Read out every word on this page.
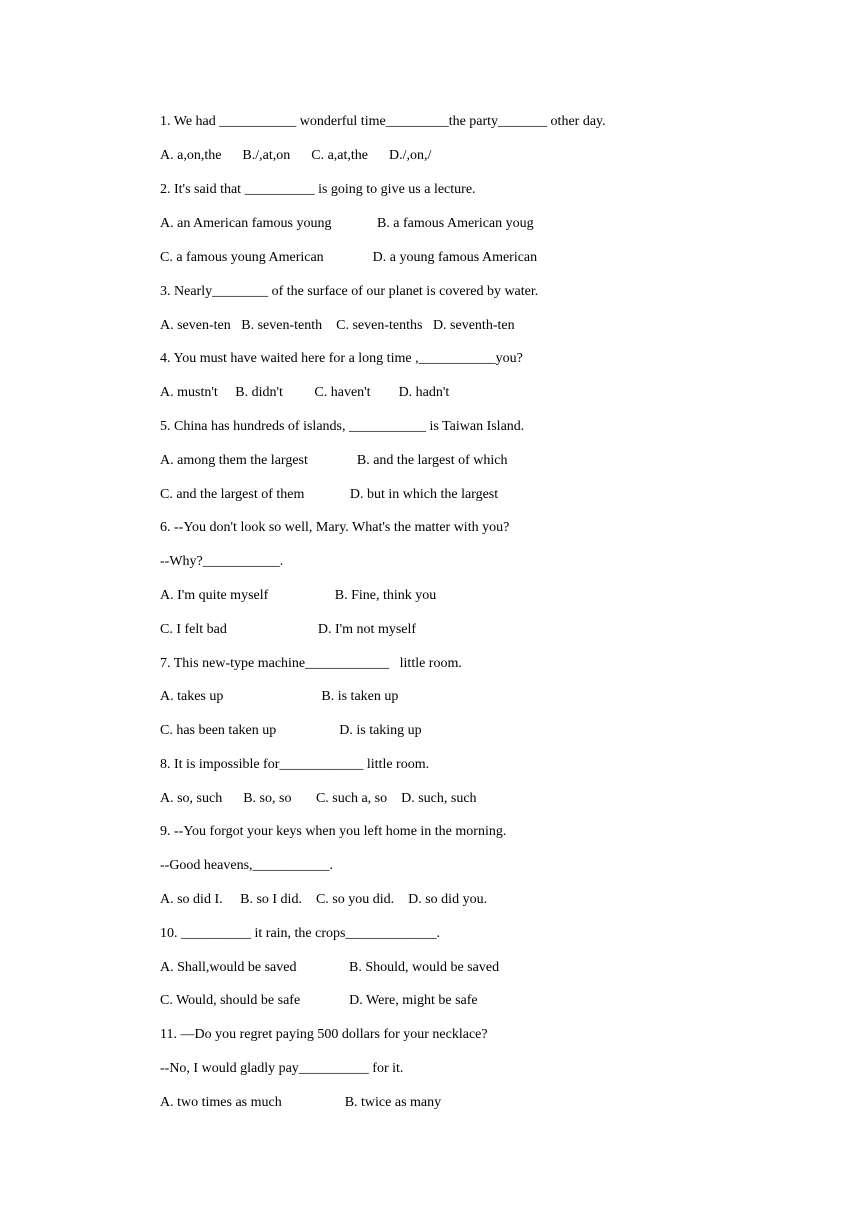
1. We had ___________ wonderful time_________the party_______ other day.
A. a,on,the      B./,at,on      C. a,at,the      D./,on,/
2. It's said that __________ is going to give us a lecture.
A. an American famous young             B. a famous American youg
C. a famous young American              D. a young famous American
3. Nearly________ of the surface of our planet is covered by water.
A. seven-ten   B. seven-tenth    C. seven-tenths   D. seventh-ten
4. You must have waited here for a long time ,___________you?
A. mustn't     B. didn't         C. haven't        D. hadn't
5. China has hundreds of islands, ___________ is Taiwan Island.
A. among them the largest              B. and the largest of which
C. and the largest of them             D. but in which the largest
6. --You don't look so well, Mary. What's the matter with you?
--Why?___________.
A. I'm quite myself                   B. Fine, think you
C. I felt bad                          D. I'm not myself
7. This new-type machine____________   little room.
A. takes up                            B. is taken up
C. has been taken up                  D. is taking up
8. It is impossible for____________ little room.
A. so, such      B. so, so       C. such a, so    D. such, such
9. --You forgot your keys when you left home in the morning.
--Good heavens,___________.
A. so did I.     B. so I did.    C. so you did.    D. so did you.
10. __________ it rain, the crops_____________.
A. Shall,would be saved               B. Should, would be saved
C. Would, should be safe              D. Were, might be safe
11. —Do you regret paying 500 dollars for your necklace?
--No, I would gladly pay__________ for it.
A. two times as much                  B. twice as many
